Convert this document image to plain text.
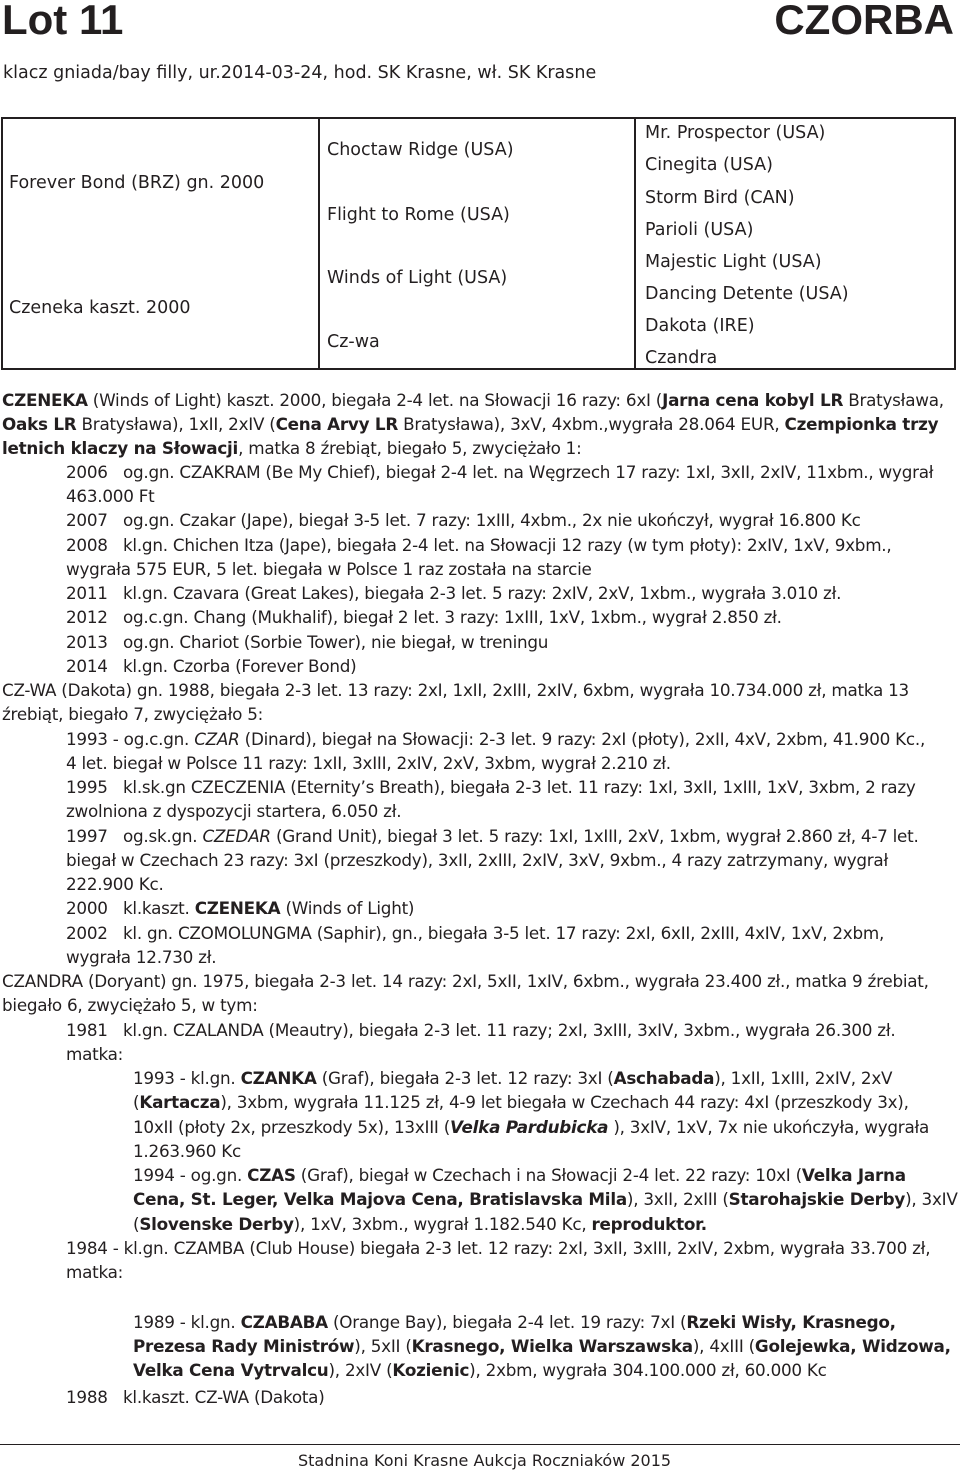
Lot 11	CZORBA
klacz gniada/bay filly, ur.2014-03-24, hod. SK Krasne, wł. SK Krasne
Forever Bond (BRZ) gn. 2000
Czeneka kaszt. 2000
Choctaw Ridge (USA)
Flight to Rome (USA)
Winds of Light (USA)
Cz-wa
Mr. Prospector (USA)
Cinegita (USA)
Storm Bird (CAN)
Parioli (USA)
Majestic Light (USA)
Dancing Detente (USA)
Dakota (IRE)
Czandra
CZENEKA (Winds of Light) kaszt. 2000, biegała 2-4 let. na Słowacji 16 razy: 6xI (Jarna cena kobyl LR Bratysława,
Oaks LR Bratysława), 1xII, 2xIV (Cena Arvy LR Bratysława), 3xV, 4xbm.,wygrała 28.064 EUR, Czempionka trzy
letnich klaczy na Słowacji, matka 8 źrebiąt, biegało 5, zwyciężało 1:
2006   og.gn. CZAKRAM (Be My Chief), biegał 2-4 let. na Węgrzech 17 razy: 1xI, 3xII, 2xIV, 11xbm., wygrał
463.000 Ft
2007   og.gn. Czakar (Jape), biegał 3-5 let. 7 razy: 1xIII, 4xbm., 2x nie ukończył, wygrał 16.800 Kc
2008   kl.gn. Chichen Itza (Jape), biegała 2-4 let. na Słowacji 12 razy (w tym płoty): 2xIV, 1xV, 9xbm.,
wygrała 575 EUR, 5 let. biegała w Polsce 1 raz została na starcie
2011   kl.gn. Czavara (Great Lakes), biegała 2-3 let. 5 razy: 2xIV, 2xV, 1xbm., wygrała 3.010 zł.
2012   og.c.gn. Chang (Mukhalif), biegał 2 let. 3 razy: 1xIII, 1xV, 1xbm., wygrał 2.850 zł.
2013   og.gn. Chariot (Sorbie Tower), nie biegał, w treningu
2014   kl.gn. Czorba (Forever Bond)
CZ-WA (Dakota) gn. 1988, biegała 2-3 let. 13 razy: 2xI, 1xII, 2xIII, 2xIV, 6xbm, wygrała 10.734.000 zł, matka 13
źrebiąt, biegało 7, zwyciężało 5:
1993 - og.c.gn. CZAR (Dinard), biegał na Słowacji: 2-3 let. 9 razy: 2xI (płoty), 2xII, 4xV, 2xbm, 41.900 Kc.,
4 let. biegał w Polsce 11 razy: 1xII, 3xIII, 2xIV, 2xV, 3xbm, wygrał 2.210 zł.
1995   kl.sk.gn CZECZENIA (Eternity’s Breath), biegała 2-3 let. 11 razy: 1xI, 3xII, 1xIII, 1xV, 3xbm, 2 razy
zwolniona z dyspozycji startera, 6.050 zł.
1997   og.sk.gn. CZEDAR (Grand Unit), biegał 3 let. 5 razy: 1xI, 1xIII, 2xV, 1xbm, wygrał 2.860 zł, 4-7 let.
biegał w Czechach 23 razy: 3xI (przeszkody), 3xII, 2xIII, 2xIV, 3xV, 9xbm., 4 razy zatrzymany, wygrał
222.900 Kc.
2000   kl.kaszt. CZENEKA (Winds of Light)
2002   kl. gn. CZOMOLUNGMA (Saphir), gn., biegała 3-5 let. 17 razy: 2xI, 6xII, 2xIII, 4xIV, 1xV, 2xbm,
wygrała 12.730 zł.
CZANDRA (Doryant) gn. 1975, biegała 2-3 let. 14 razy: 2xI, 5xII, 1xIV, 6xbm., wygrała 23.400 zł., matka 9 źrebiat,
biegało 6, zwyciężało 5, w tym:
1981   kl.gn. CZALANDA (Meautry), biegała 2-3 let. 11 razy; 2xI, 3xIII, 3xIV, 3xbm., wygrała 26.300 zł.
matka:
1993 - kl.gn. CZANKA (Graf), biegała 2-3 let. 12 razy: 3xI (Aschabada), 1xII, 1xIII, 2xIV, 2xV
(Kartacza), 3xbm, wygrała 11.125 zł, 4-9 let biegała w Czechach 44 razy: 4xI (przeszkody 3x),
10xII (płoty 2x, przeszkody 5x), 13xIII (Velka Pardubicka ), 3xIV, 1xV, 7x nie ukończyła, wygrała
1.263.960 Kc
1994 - og.gn. CZAS (Graf), biegał w Czechach i na Słowacji 2-4 let. 22 razy: 10xI (Velka Jarna
Cena, St. Leger, Velka Majova Cena, Bratislavska Mila), 3xII, 2xIII (Starohajskie Derby), 3xIV
(Slovenske Derby), 1xV, 3xbm., wygrał 1.182.540 Kc, reproduktor.
1984 - kl.gn. CZAMBA (Club House) biegała 2-3 let. 12 razy: 2xI, 3xII, 3xIII, 2xIV, 2xbm, wygrała 33.700 zł,
matka:
1989 - kl.gn. CZABABA (Orange Bay), biegała 2-4 let. 19 razy: 7xI (Rzeki Wisły, Krasnego,
Prezesa Rady Ministrów), 5xII (Krasnego, Wielka Warszawska), 4xIII (Golejewka, Widzowa,
Velka Cena Vytrvalcu), 2xIV (Kozienic), 2xbm, wygrała 304.100.000 zł, 60.000 Kc
1988   kl.kaszt. CZ-WA (Dakota)
Stadnina Koni Krasne Aukcja Roczniaków 2015
